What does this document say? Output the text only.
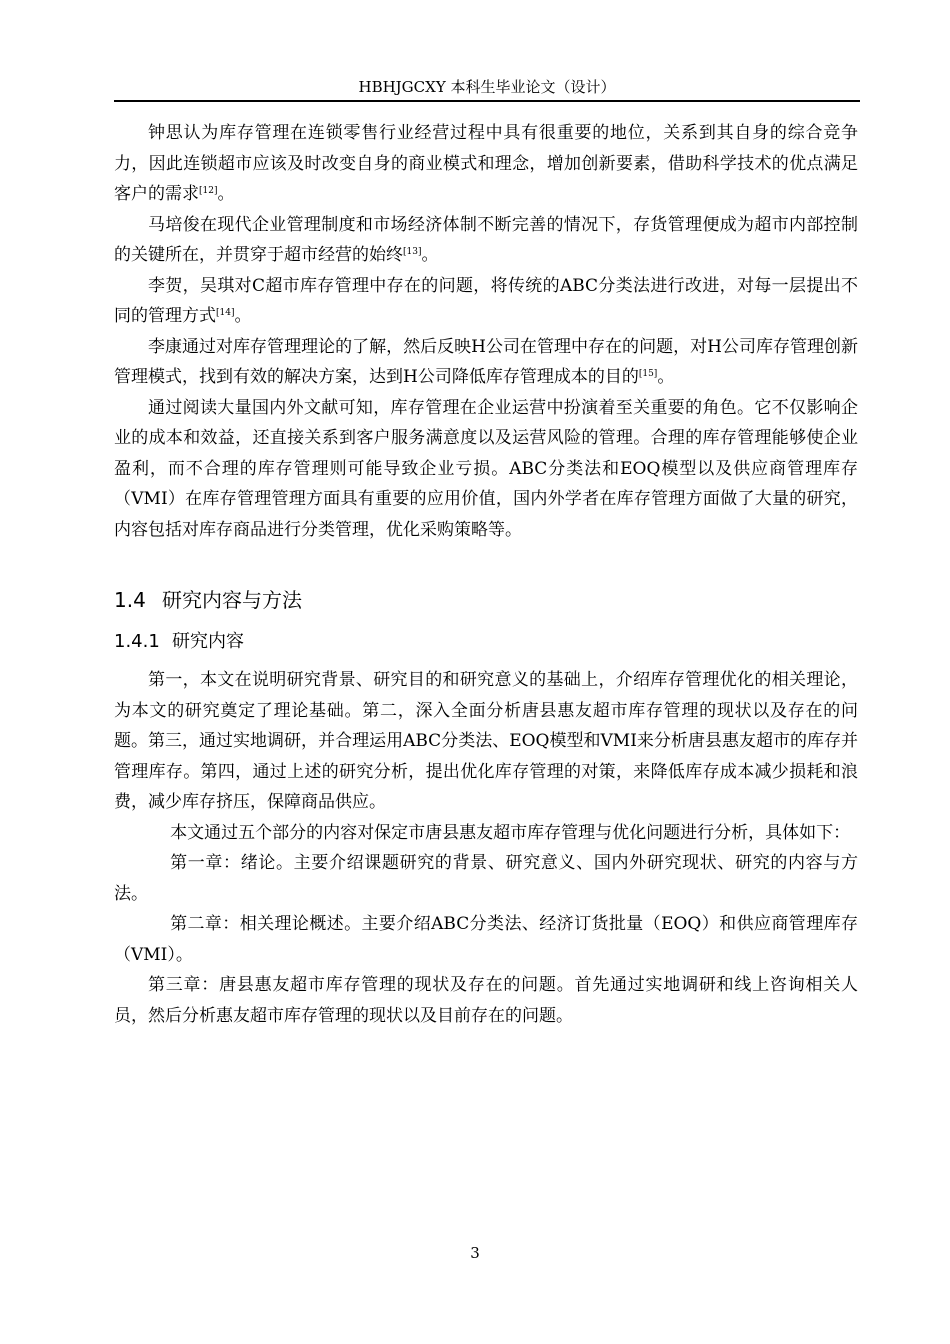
HBHJGCXY 本科生毕业论文（设计）

钟思认为库存管理在连锁零售行业经营过程中具有很重要的地位，关系到其自身的综合竞争力，因此连锁超市应该及时改变自身的商业模式和理念，增加创新要素，借助科学技术的优点满足客户的需求[12]。

马培俊在现代企业管理制度和市场经济体制不断完善的情况下，存货管理便成为超市内部控制的关键所在，并贯穿于超市经营的始终[13]。

李贺，吴琪对C超市库存管理中存在的问题，将传统的ABC分类法进行改进，对每一层提出不同的管理方式[14]。

李康通过对库存管理理论的了解，然后反映H公司在管理中存在的问题，对H公司库存管理创新管理模式，找到有效的解决方案，达到H公司降低库存管理成本的目的[15]。

通过阅读大量国内外文献可知，库存管理在企业运营中扮演着至关重要的角色。它不仅影响企业的成本和效益，还直接关系到客户服务满意度以及运营风险的管理。合理的库存管理能够使企业盈利，而不合理的库存管理则可能导致企业亏损。ABC分类法和EOQ模型以及供应商管理库存（VMI）在库存管理管理方面具有重要的应用价值，国内外学者在库存管理方面做了大量的研究，内容包括对库存商品进行分类管理，优化采购策略等。

1.4 研究内容与方法
1.4.1 研究内容

第一，本文在说明研究背景、研究目的和研究意义的基础上，介绍库存管理优化的相关理论，为本文的研究奠定了理论基础。第二，深入全面分析唐县惠友超市库存管理的现状以及存在的问题。第三，通过实地调研，并合理运用ABC分类法、EOQ模型和VMI来分析唐县惠友超市的库存并管理库存。第四，通过上述的研究分析，提出优化库存管理的对策，来降低库存成本减少损耗和浪费，减少库存挤压，保障商品供应。

本文通过五个部分的内容对保定市唐县惠友超市库存管理与优化问题进行分析，具体如下：

第一章：绪论。主要介绍课题研究的背景、研究意义、国内外研究现状、研究的内容与方法。

第二章：相关理论概述。主要介绍ABC分类法、经济订货批量（EOQ）和供应商管理库存（VMI）。

第三章：唐县惠友超市库存管理的现状及存在的问题。首先通过实地调研和线上咨询相关人员，然后分析惠友超市库存管理的现状以及目前存在的问题。

3
